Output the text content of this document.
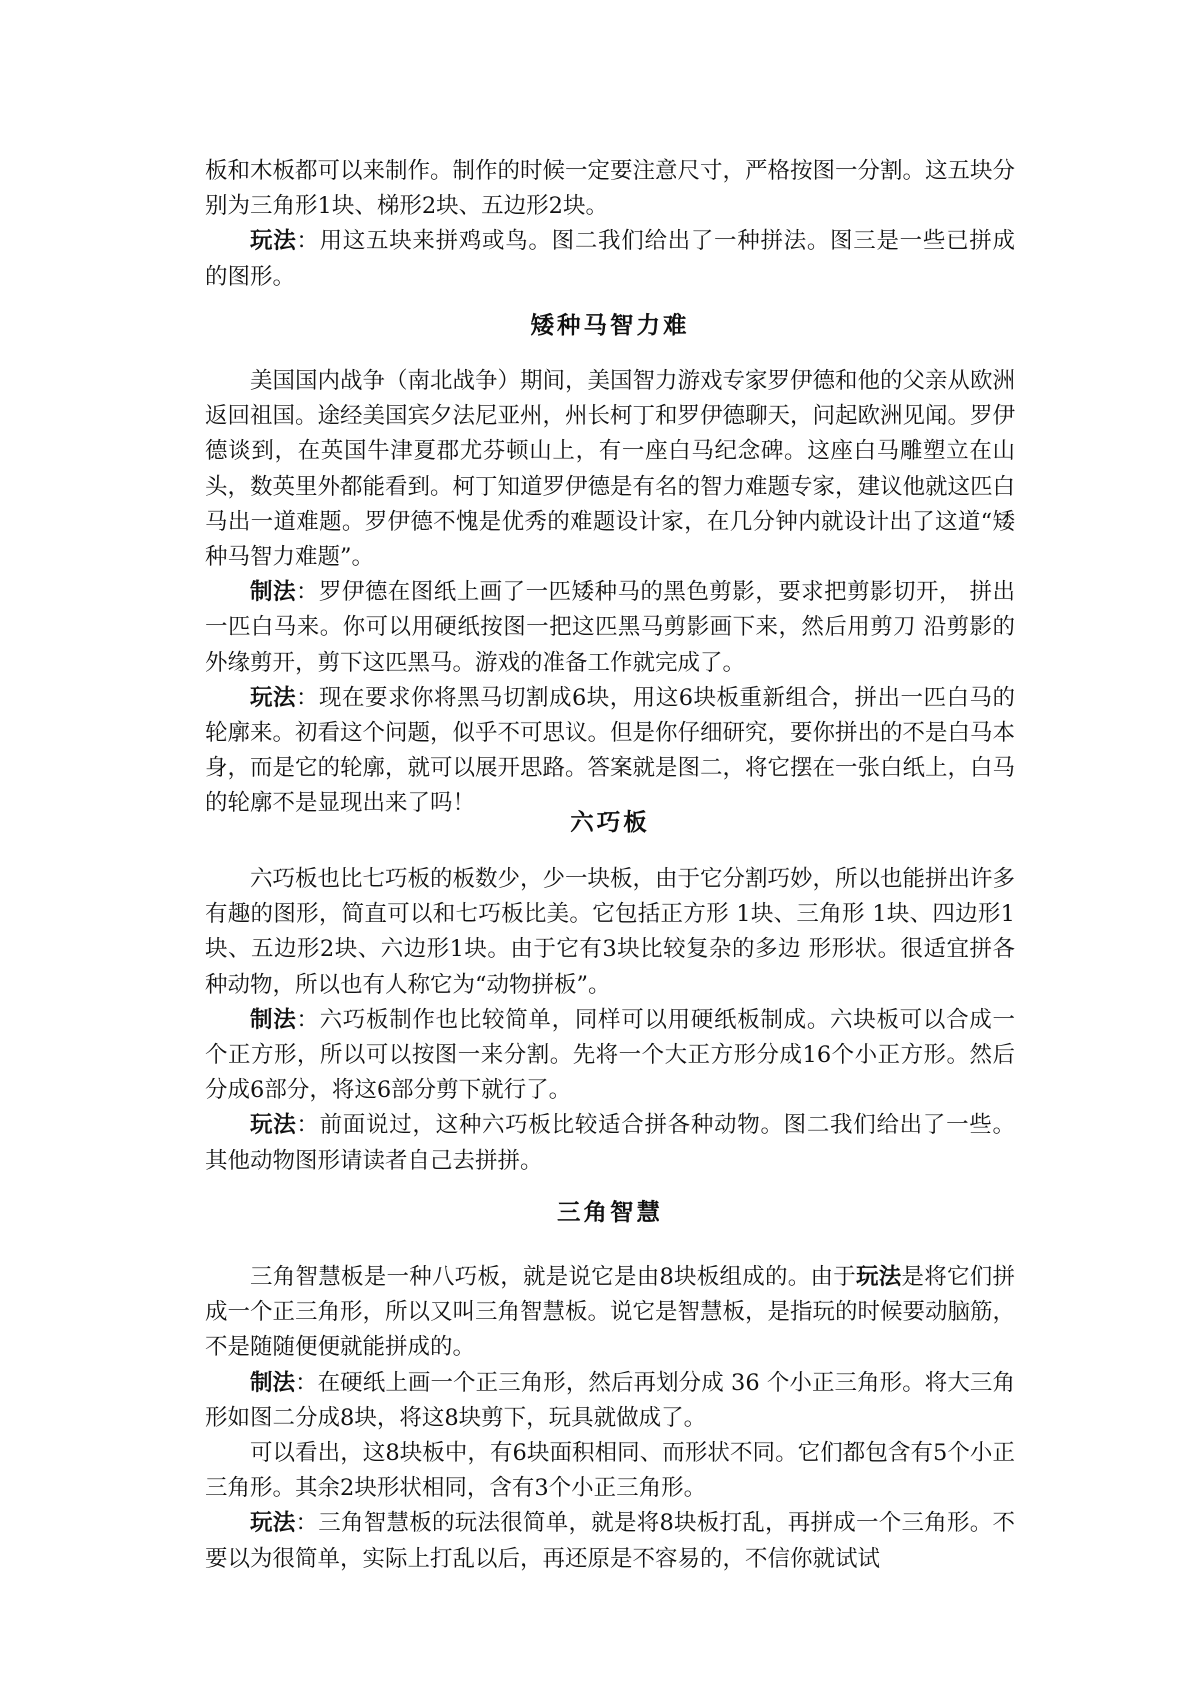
板和木板都可以来制作。制作的时候一定要注意尺寸，严格按图一分割。这五块分别为三角形1块、梯形2块、五边形2块。

玩法：用这五块来拼鸡或鸟。图二我们给出了一种拼法。图三是一些已拼成的图形。

矮种马智力难

美国国内战争（南北战争）期间，美国智力游戏专家罗伊德和他的父亲从欧洲返回祖国。途经美国宾夕法尼亚州，州长柯丁和罗伊德聊天，问起欧洲见闻。罗伊德谈到，在英国牛津夏郡尤芬顿山上，有一座白马纪念碑。这座白马雕塑立在山头，数英里外都能看到。柯丁知道罗伊德是有名的智力难题专家，建议他就这匹白马出一道难题。罗伊德不愧是优秀的难题设计家，在几分钟内就设计出了这道“矮种马智力难题”。

制法：罗伊德在图纸上画了一匹矮种马的黑色剪影，要求把剪影切开， 拼出一匹白马来。你可以用硬纸按图一把这匹黑马剪影画下来，然后用剪刀 沿剪影的外缘剪开，剪下这匹黑马。游戏的准备工作就完成了。

玩法：现在要求你将黑马切割成6块，用这6块板重新组合，拼出一匹白马的轮廓来。初看这个问题，似乎不可思议。但是你仔细研究，要你拼出的不是白马本身，而是它的轮廓，就可以展开思路。答案就是图二，将它摆在一张白纸上，白马的轮廓不是显现出来了吗！

六巧板

六巧板也比七巧板的板数少，少一块板，由于它分割巧妙，所以也能拼出许多有趣的图形，简直可以和七巧板比美。它包括正方形 1块、三角形 1块、四边形1块、五边形2块、六边形1块。由于它有3块比较复杂的多边 形形状。很适宜拼各种动物，所以也有人称它为“动物拼板”。

制法：六巧板制作也比较简单，同样可以用硬纸板制成。六块板可以合成一个正方形，所以可以按图一来分割。先将一个大正方形分成16个小正方形。然后分成6部分，将这6部分剪下就行了。

玩法：前面说过，这种六巧板比较适合拼各种动物。图二我们给出了一些。其他动物图形请读者自己去拼拼。

三角智慧

三角智慧板是一种八巧板，就是说它是由8块板组成的。由于玩法是将它们拼成一个正三角形，所以又叫三角智慧板。说它是智慧板，是指玩的时候要动脑筋，不是随随便便就能拼成的。

制法：在硬纸上画一个正三角形，然后再划分成 36 个小正三角形。将大三角形如图二分成8块，将这8块剪下，玩具就做成了。

可以看出，这8块板中，有6块面积相同、而形状不同。它们都包含有5个小正三角形。其余2块形状相同，含有3个小正三角形。

玩法：三角智慧板的玩法很简单，就是将8块板打乱，再拼成一个三角形。不要以为很简单，实际上打乱以后，再还原是不容易的，不信你就试试
